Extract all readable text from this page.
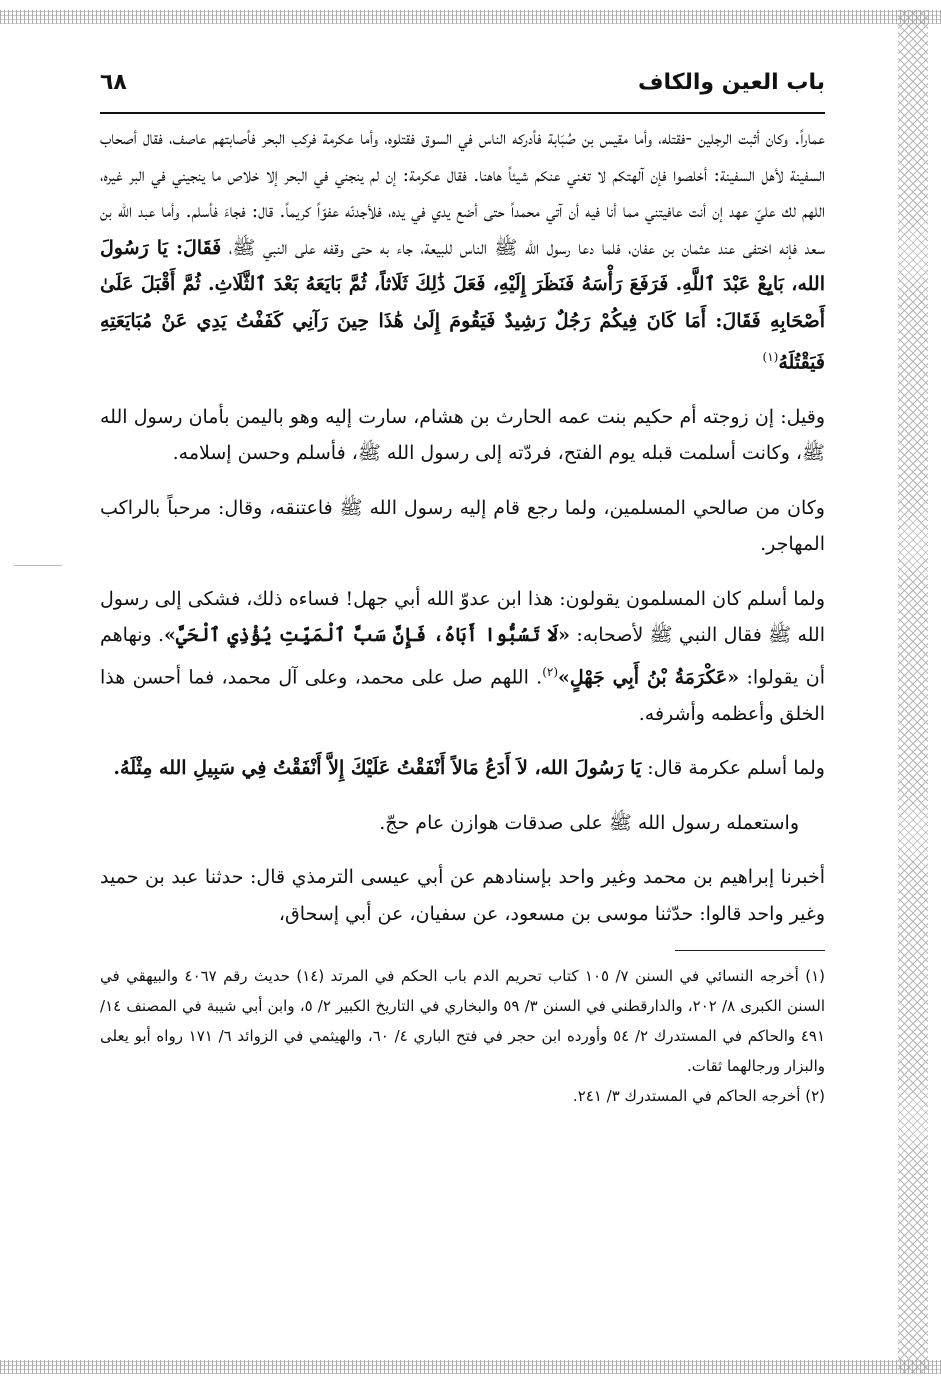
باب العين والكاف
٦٨

عماراً. وكان أثبت الرجلين -فقتله، وأما مقيس بن صُبَابة فأدركه الناس في السوق فقتلوه، وأما عكرمة فركب البحر فأصابتهم عاصف، فقال أصحاب السفينة لأهل السفينة: أخلصوا فإن آلهتكم لا تغني عنكم شيئاً هاهنا. فقال عكرمة: إن لم ينجني في البحر إلا خلاص ما ينجيني في البر غيره، اللهم لك عليّ عهد إن أنت عافيتني مما أنا فيه أن آتي محمداً حتى أضع يدي في يده، فلأجدنّه عفوّاً كريماً. قال: فجاءَ فأسلم. وأما عبد الله بن سعد فإنه اختفى عند عثمان بن عفان، فلما دعا رسول الله ﷺ الناس للبيعة، جاء به حتى وقفه على النبي ﷺ، فَقَالَ: يَا رَسُولَ الله، بَايِعْ عَبْدَ ٱللَّهِ. فَرَفَعَ رَأْسَهُ فَنَظَرَ إِلَيْهِ، فَعَلَ ذَٰلِكَ ثَلَاثاً، ثُمَّ بَايَعَهُ بَعْدَ ٱلثَّلَاثِ. ثُمَّ أَقْبَلَ عَلَىٰ أَصْحَابِهِ فَقَالَ: أَمَا كَانَ فِيكُمْ رَجُلٌ رَشِيدٌ فَيَقُومَ إِلَىٰ هَٰذَا حِينَ رَآنِي كَفَفْتُ يَدِي عَنْ مُبَايَعَتِهِ فَيَقْتُلَهُ$^{(١)}$

وقيل: إن زوجته أم حكيم بنت عمه الحارث بن هشام، سارت إليه وهو باليمن بأمان رسول الله ﷺ، وكانت أسلمت قبله يوم الفتح، فردّته إلى رسول الله ﷺ، فأسلم وحسن إسلامه.

وكان من صالحي المسلمين، ولما رجع قام إليه رسول الله ﷺ فاعتنقه، وقال: مرحباً بالراكب المهاجر.

ولما أسلم كان المسلمون يقولون: هذا ابن عدوّ الله أبي جهل! فساءه ذلك، فشكى إلى رسول الله ﷺ فقال النبي ﷺ لأصحابه: «لَا تَسُبُّوا أَبَاهُ، فَإِنَّ سَبَّ ٱلْمَيِّتِ يُؤْذِي ٱلْحَيَّ». ونهاهم أن يقولوا: «عَكْرَمَةُ بْنُ أَبِي جَهْلٍ»$^{(٢)}$. اللهم صل على محمد، وعلى آل محمد، فما أحسن هذا الخلق وأعظمه وأشرفه.

ولما أسلم عكرمة قال: يَا رَسُولَ الله، لاَ أَدَعُ مَالاً أَنْفَقْتُ عَلَيْكَ إِلاَّ أَنْفَقْتُ فِي سَبِيلِ الله مِثْلَهُ.

واستعمله رسول الله ﷺ على صدقات هوازن عام حجّ.

أخبرنا إبراهيم بن محمد وغير واحد بإسنادهم عن أبي عيسى الترمذي قال: حدثنا عبد بن حميد وغير واحد قالوا: حدّثنا موسى بن مسعود، عن سفيان، عن أبي إسحاق،

(١) أخرجه النسائي في السنن ٧/ ١٠٥ كتاب تحريم الدم باب الحكم في المرتد (١٤) حديث رقم ٤٠٦٧ والبيهقي في السنن الكبرى ٨/ ٢٠٢، والدارقطني في السنن ٣/ ٥٩ والبخاري في التاريخ الكبير ٢/ ٥، وابن أبي شيبة في المصنف ١٤/ ٤٩١ والحاكم في المستدرك ٢/ ٥٤ وأورده ابن حجر في فتح الباري ٤/ ٦٠، والهيثمي في الزوائد ٦/ ١٧١ رواه أبو يعلى والبزار ورجالهما ثقات.

(٢) أخرجه الحاكم في المستدرك ٣/ ٢٤١.
